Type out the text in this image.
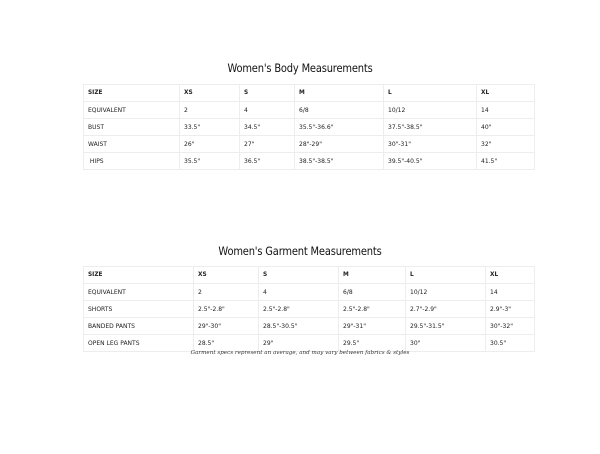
Women's Body Measurements
SIZE	XS	S	M	L	XL
EQUIVALENT	2	4	6/8	10/12	14
BUST	33.5"	34.5"	35.5"-36.6"	37.5"-38.5"	40"
WAIST	26"	27"	28"-29"	30"-31"	32"
HIPS	35.5"	36.5"	38.5"-38.5"	39.5"-40.5"	41.5"
Women's Garment Measurements
SIZE	XS	S	M	L	XL
EQUIVALENT	2	4	6/8	10/12	14
SHORTS	2.5"-2.8"	2.5"-2.8"	2.5"-2.8"	2.7"-2.9"	2.9"-3"
BANDED PANTS	29"-30"	28.5"-30.5"	29"-31"	29.5"-31.5"	30"-32"
OPEN LEG PANTS	28.5"	29"	29.5"	30"	30.5"

Garment specs represent an average, and may vary between fabrics & styles
